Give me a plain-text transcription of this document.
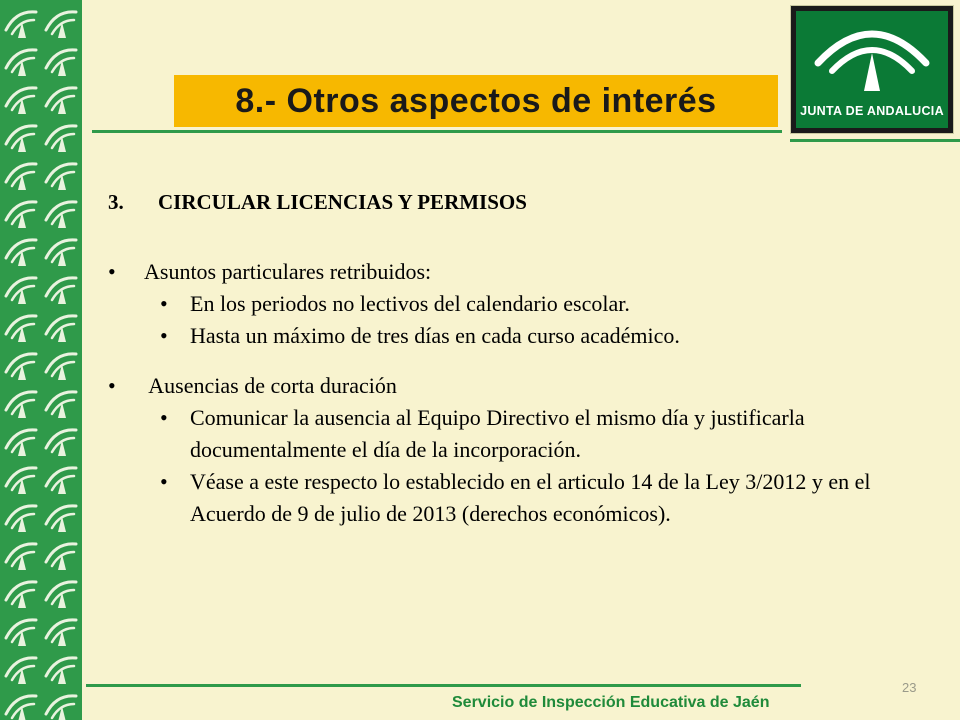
8.- Otros aspectos de interés	JUNTA DE ANDALUCIA
3.	CIRCULAR LICENCIAS Y PERMISOS
•	Asuntos particulares retribuidos:
•	En los periodos no lectivos del calendario escolar.
•	Hasta un máximo de tres días en cada curso académico.
•	Ausencias de corta duración
•	Comunicar la ausencia al Equipo Directivo el mismo día y justificarla documentalmente el día de la incorporación.
•	Véase a este respecto lo establecido en el articulo 14 de la Ley 3/2012 y en el  Acuerdo de 9 de julio de 2013 (derechos económicos).
Servicio de Inspección Educativa de Jaén
23
